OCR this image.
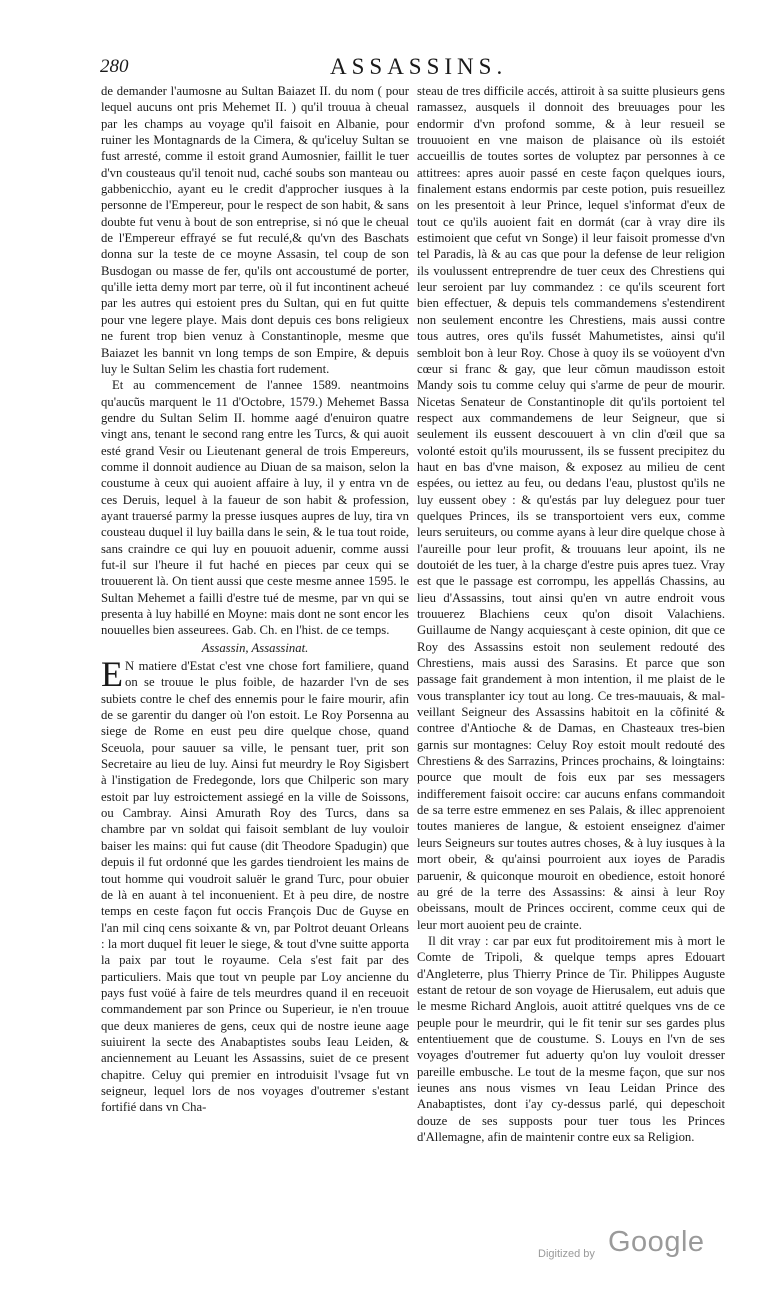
280	ASSASSINS.

de demander l'aumosne au Sultan Baiazet II. du nom ( pour lequel aucuns ont pris Mehemet II. ) qu'il trouua à cheual par les champs au voyage qu'il faisoit en Albanie, pour ruiner les Montagnards de la Cimera, & qu'iceluy Sultan se fust arresté, comme il estoit grand Aumosnier, faillit le tuer d'vn cousteaus qu'il tenoit nud, caché soubs son manteau ou gabbenicchio, ayant eu le credit d'approcher iusques à la personne de l'Empereur, pour le respect de son habit, & sans doubte fut venu à bout de son entreprise, si nó que le cheual de l'Empereur effrayé se fut reculé,& qu'vn des Baschats donna sur la teste de ce moyne Assasin, tel coup de son Busdogan ou masse de fer, qu'ils ont accoustumé de porter, qu'ille ietta demy mort par terre, où il fut incontinent acheué par les autres qui estoient pres du Sultan, qui en fut quitte pour vne legere playe. Mais dont depuis ces bons religieux ne furent trop bien venuz à Constantinople, mesme que Baiazet les bannit vn long temps de son Empire, & depuis luy le Sultan Selim les chastia fort rudement.

Et au commencement de l'annee 1589. neantmoins qu'aucũs marquent le 11 d'Octobre, 1579.) Mehemet Bassa gendre du Sultan Selim II. homme aagé d'enuiron quatre vingt ans, tenant le second rang entre les Turcs, & qui auoit esté grand Vesir ou Lieutenant general de trois Empereurs, comme il donnoit audience au Diuan de sa maison, selon la coustume à ceux qui auoient affaire à luy, il y entra vn de ces Deruis, lequel à la faueur de son habit & profession, ayant trauersé parmy la presse iusques aupres de luy, tira vn cousteau duquel il luy bailla dans le sein, & le tua tout roide, sans craindre ce qui luy en pouuoit aduenir, comme aussi fut-il sur l'heure il fut haché en pieces par ceux qui se trouuerent là. On tient aussi que ceste mesme annee 1595. le Sultan Mehemet a failli d'estre tué de mesme, par vn qui se presenta à luy habillé en Moyne: mais dont ne sont encor les nouuelles bien asseurees. Gab. Ch. en l'hist. de ce temps.

Assassin, Assassinat.

EN matiere d'Estat c'est vne chose fort familiere, quand on se trouue le plus foible, de hazarder l'vn de ses subiets contre le chef des ennemis pour le faire mourir, afin de se garentir du danger où l'on estoit. Le Roy Porsenna au siege de Rome en eust peu dire quelque chose, quand Sceuola, pour sauuer sa ville, le pensant tuer, prit son Secretaire au lieu de luy. Ainsi fut meurdry le Roy Sigisbert à l'instigation de Fredegonde, lors que Chilperic son mary estoit par luy estroictement assiegé en la ville de Soissons, ou Cambray. Ainsi Amurath Roy des Turcs, dans sa chambre par vn soldat qui faisoit semblant de luy vouloir baiser les mains: qui fut cause (dit Theodore Spadugin) que depuis il fut ordonné que les gardes tiendroient les mains de tout homme qui voudroit saluër le grand Turc, pour obuier de là en auant à tel inconuenient. Et à peu dire, de nostre temps en ceste façon fut occis François Duc de Guyse en l'an mil cinq cens soixante & vn, par Poltrot deuant Orleans : la mort duquel fit leuer le siege, & tout d'vne suitte apporta la paix par tout le royaume. Cela s'est fait par des particuliers. Mais que tout vn peuple par Loy ancienne du pays fust voüé à faire de tels meurdres quand il en receuoit commandement par son Prince ou Superieur, ie n'en trouue que deux manieres de gens, ceux qui de nostre ieune aage suiuirent la secte des Anabaptistes soubs Ieau Leiden, & anciennement au Leuant les Assassins, suiet de ce present chapitre. Celuy qui premier en introduisit l'vsage fut vn seigneur, lequel lors de nos voyages d'outremer s'estant fortifié dans vn Cha-

steau de tres difficile accés, attiroit à sa suitte plusieurs gens ramassez, ausquels il donnoit des breuuages pour les endormir d'vn profond somme, & à leur resueil se trouuoient en vne maison de plaisance où ils estoiét accueillis de toutes sortes de voluptez par personnes à ce attitrees: apres auoir passé en ceste façon quelques iours, finalement estans endormis par ceste potion, puis resueillez on les presentoit à leur Prince, lequel s'informat d'eux de tout ce qu'ils auoient fait en dormát (car à vray dire ils estimoient que cefut vn Songe) il leur faisoit promesse d'vn tel Paradis, là & au cas que pour la defense de leur religion ils voulussent entreprendre de tuer ceux des Chrestiens qui leur seroient par luy commandez : ce qu'ils sceurent fort bien effectuer, & depuis tels commandemens s'estendirent non seulement encontre les Chrestiens, mais aussi contre tous autres, ores qu'ils fussét Mahumetistes, ainsi qu'il sembloit bon à leur Roy. Chose à quoy ils se voüoyent d'vn cœur si franc & gay, que leur cõmun maudisson estoit Mandy sois tu comme celuy qui s'arme de peur de mourir. Nicetas Senateur de Constantinople dit qu'ils portoient tel respect aux commandemens de leur Seigneur, que si seulement ils eussent descouuert à vn clin d'œil que sa volonté estoit qu'ils mourussent, ils se fussent precipitez du haut en bas d'vne maison, & exposez au milieu de cent espées, ou iettez au feu, ou dedans l'eau, plustost qu'ils ne luy eussent obey : & qu'estás par luy deleguez pour tuer quelques Princes, ils se transportoient vers eux, comme leurs seruiteurs, ou comme ayans à leur dire quelque chose à l'aureille pour leur profit, & trouuans leur apoint, ils ne doutoiét de les tuer, à la charge d'estre puis apres tuez. Vray est que le passage est corrompu, les appellás Chassins, au lieu d'Assassins, tout ainsi qu'en vn autre endroit vous trouuerez Blachiens ceux qu'on disoit Valachiens. Guillaume de Nangy acquiesçant à ceste opinion, dit que ce Roy des Assassins estoit non seulement redouté des Chrestiens, mais aussi des Sarasins. Et parce que son passage fait grandement à mon intention, il me plaist de le vous transplanter icy tout au long. Ce tres-mauuais, & mal-veillant Seigneur des Assassins habitoit en la cõfinité & contree d'Antioche & de Damas, en Chasteaux tres-bien garnis sur montagnes: Celuy Roy estoit moult redouté des Chrestiens & des Sarrazins, Princes prochains, & loingtains: pource que moult de fois eux par ses messagers indifferement faisoit occire: car aucuns enfans commandoit de sa terre estre emmenez en ses Palais, & illec apprenoient toutes manieres de langue, & estoient enseignez d'aimer leurs Seigneurs sur toutes autres choses, & à luy iusques à la mort obeir, & qu'ainsi pourroient aux ioyes de Paradis paruenir, & quiconque mouroit en obedience, estoit honoré au gré de la terre des Assassins: & ainsi à leur Roy obeissans, moult de Princes occirent, comme ceux qui de leur mort auoient peu de crainte.

Il dit vray : car par eux fut proditoirement mis à mort le Comte de Tripoli, & quelque temps apres Edouart d'Angleterre, plus Thierry Prince de Tir. Philippes Auguste estant de retour de son voyage de Hierusalem, eut aduis que le mesme Richard Anglois, auoit attitré quelques vns de ce peuple pour le meurdrir, qui le fit tenir sur ses gardes plus ententiuement que de coustume. S. Louys en l'vn de ses voyages d'outremer fut aduerty qu'on luy vouloit dresser pareille embusche. Le tout de la mesme façon, que sur nos ieunes ans nous vismes vn Ieau Leidan Prince des Anabaptistes, dont i'ay cy-dessus parlé, qui depeschoit douze de ses supposts pour tuer tous les Princes d'Allemagne, afin de maintenir contre eux sa Religion.

Digitized by Google
